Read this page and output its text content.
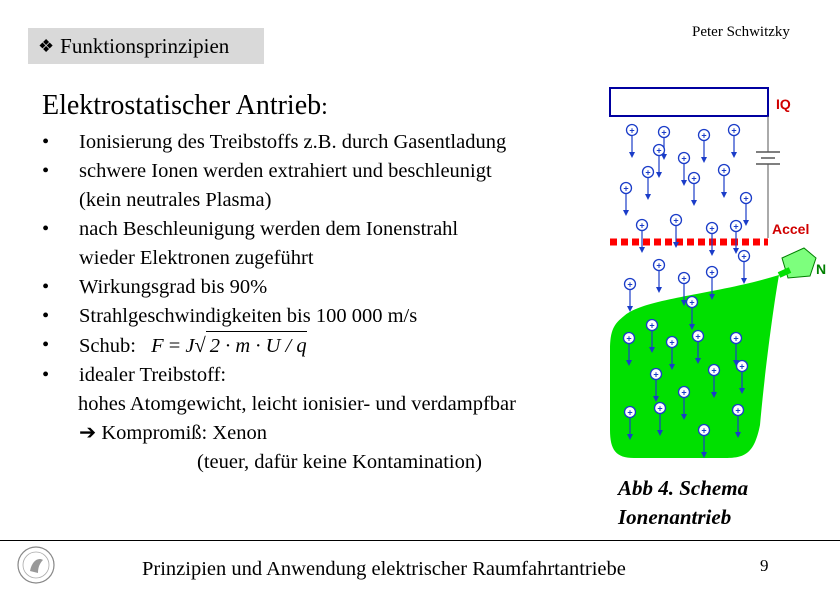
❖ Funktionsprinzipien
Peter Schwitzky
Elektrostatischer Antrieb:
• Ionisierung des Treibstoffs z.B. durch Gasentladung
• schwere Ionen werden extrahiert und beschleunigt
(kein neutrales Plasma)
• nach Beschleunigung werden dem Ionenstrahl
wieder Elektronen zugeführt
• Wirkungsgrad bis 90%
• Strahlgeschwindigkeiten bis 100 000 m/s
• Schub: F = J√ 2 · m · U / q
• idealer Treibstoff:
hohes Atomgewicht, leicht ionisier- und verdampfbar
➔ Kompromiß: Xenon
(teuer, dafür keine Kontamination)
IQ
Accel
N
+	+
+
+	+
+
+
+
+
+
+
+	+
+ +
+
+
+
+
+
+
+
+	+
+	+
+
+
+	+
+	+	+
+
Abb 4. Schema
Ionenantrieb
Prinzipien und Anwendung elektrischer Raumfahrtantriebe	9
